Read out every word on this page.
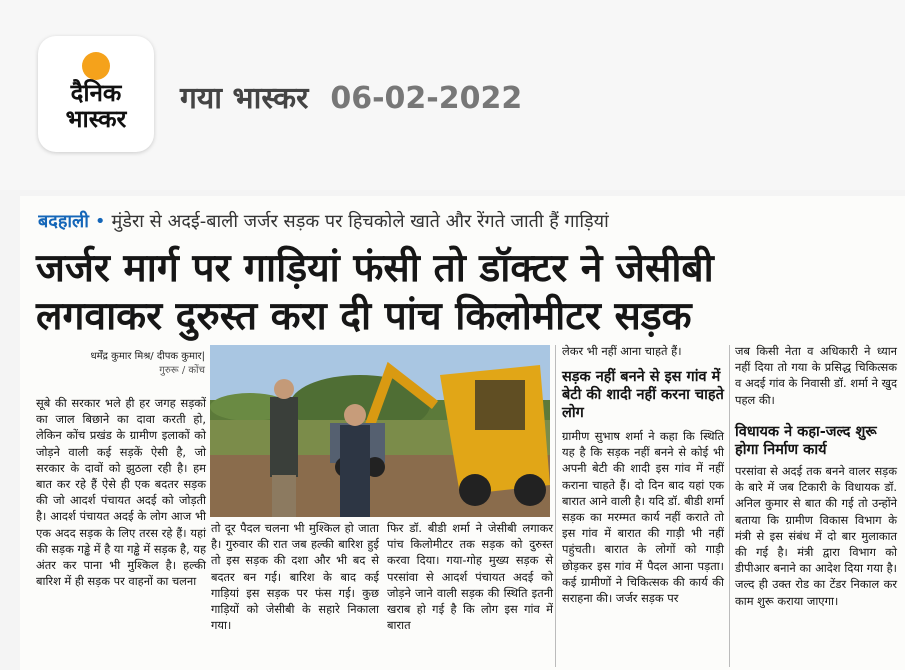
दैनिक
भास्कर
गया भास्कर 06-02-2022
बदहाली • मुंडेरा से अदई-बाली जर्जर सड़क पर हिचकोले खाते और रेंगते जाती हैं गाड़ियां
जर्जर मार्ग पर गाड़ियां फंसी तो डॉक्टर ने जेसीबी
लगवाकर दुरुस्त करा दी पांच किलोमीटर सड़क
धर्मेंद्र कुमार मिश्र/ दीपक कुमार|
गुरुरू / कोंच

सूबे की सरकार भले ही हर जगह सड़कों का जाल बिछाने का दावा करती हो, लेकिन कोंच प्रखंड के ग्रामीण इलाकों को जोड़ने वाली कई सड़कें ऐसी है, जो सरकार के दावों को झुठला रही है। हम बात कर रहे हैं ऐसे ही एक बदतर सड़क की जो आदर्श पंचायत अदई को जोड़ती है। आदर्श पंचायत अदई के लोग आज भी एक अदद सड़क के लिए तरस रहे हैं। यहां की सड़क गड्ढे में है या गड्ढे में सड़क है, यह अंतर कर पाना भी मुश्किल है। हल्की बारिश में ही सड़क पर वाहनों का चलना

तो दूर पैदल चलना भी मुश्किल हो जाता है। गुरुवार की रात जब हल्की बारिश हुई तो इस सड़क की दशा और भी बद से बदतर बन गई। बारिश के बाद कई गाड़ियां इस सड़क पर फंस गई। कुछ गाड़ियों को जेसीबी के सहारे निकाला गया।

फिर डॉ. बीडी शर्मा ने जेसीबी लगाकर पांच किलोमीटर तक सड़क को दुरुस्त करवा दिया। गया-गोह मुख्य सड़क से परसांवा से आदर्श पंचायत अदई को जोड़ने जाने वाली सड़क की स्थिति इतनी खराब हो गई है कि लोग इस गांव में बारात

लेकर भी नहीं आना चाहते हैं।

सड़क नहीं बनने से इस गांव में बेटी की शादी नहीं करना चाहते लोग

ग्रामीण सुभाष शर्मा ने कहा कि स्थिति यह है कि सड़क नहीं बनने से कोई भी अपनी बेटी की शादी इस गांव में नहीं कराना चाहते हैं। दो दिन बाद यहां एक बारात आने वाली है। यदि डॉ. बीडी शर्मा सड़क का मरम्मत कार्य नहीं कराते तो इस गांव में बारात की गाड़ी भी नहीं पहुंचती। बारात के लोगों को गाड़ी छोड़कर इस गांव में पैदल आना पड़ता। कई ग्रामीणों ने चिकित्सक की कार्य की सराहना की। जर्जर सड़क पर

जब किसी नेता व अधिकारी ने ध्यान नहीं दिया तो गया के प्रसिद्ध चिकित्सक व अदई गांव के निवासी डॉ. शर्मा ने खुद पहल की।

विधायक ने कहा-जल्द शुरू होगा निर्माण कार्य

परसांवा से अदई तक बनने वालर सड़क के बारे में जब टिकारी के विधायक डॉ. अनिल कुमार से बात की गई तो उन्होंने बताया कि ग्रामीण विकास विभाग के मंत्री से इस संबंध में दो बार मुलाकात की गई है। मंत्री द्वारा विभाग को डीपीआर बनाने का आदेश दिया गया है। जल्द ही उक्त रोड का टेंडर निकाल कर काम शुरू कराया जाएगा।
